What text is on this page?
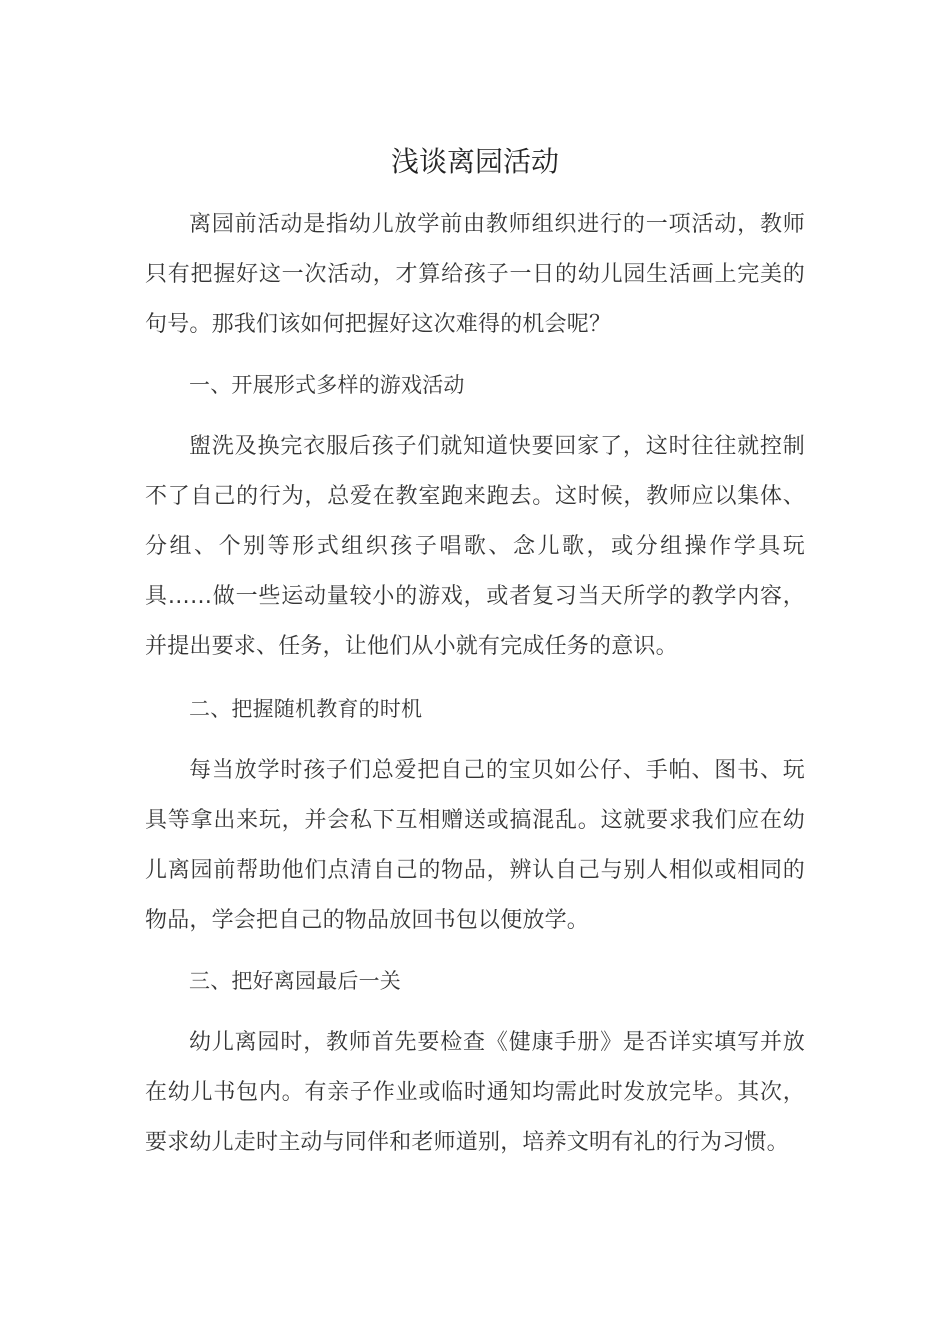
浅谈离园活动

离园前活动是指幼儿放学前由教师组织进行的一项活动，教师只有把握好这一次活动，才算给孩子一日的幼儿园生活画上完美的句号。那我们该如何把握好这次难得的机会呢？

一、开展形式多样的游戏活动

盥洗及换完衣服后孩子们就知道快要回家了，这时往往就控制不了自己的行为，总爱在教室跑来跑去。这时候，教师应以集体、分组、个别等形式组织孩子唱歌、念儿歌，或分组操作学具玩具……做一些运动量较小的游戏，或者复习当天所学的教学内容，并提出要求、任务，让他们从小就有完成任务的意识。

二、把握随机教育的时机

每当放学时孩子们总爱把自己的宝贝如公仔、手帕、图书、玩具等拿出来玩，并会私下互相赠送或搞混乱。这就要求我们应在幼儿离园前帮助他们点清自己的物品，辨认自己与别人相似或相同的物品，学会把自己的物品放回书包以便放学。

三、把好离园最后一关

幼儿离园时，教师首先要检查《健康手册》是否详实填写并放在幼儿书包内。有亲子作业或临时通知均需此时发放完毕。其次，要求幼儿走时主动与同伴和老师道别，培养文明有礼的行为习惯。
